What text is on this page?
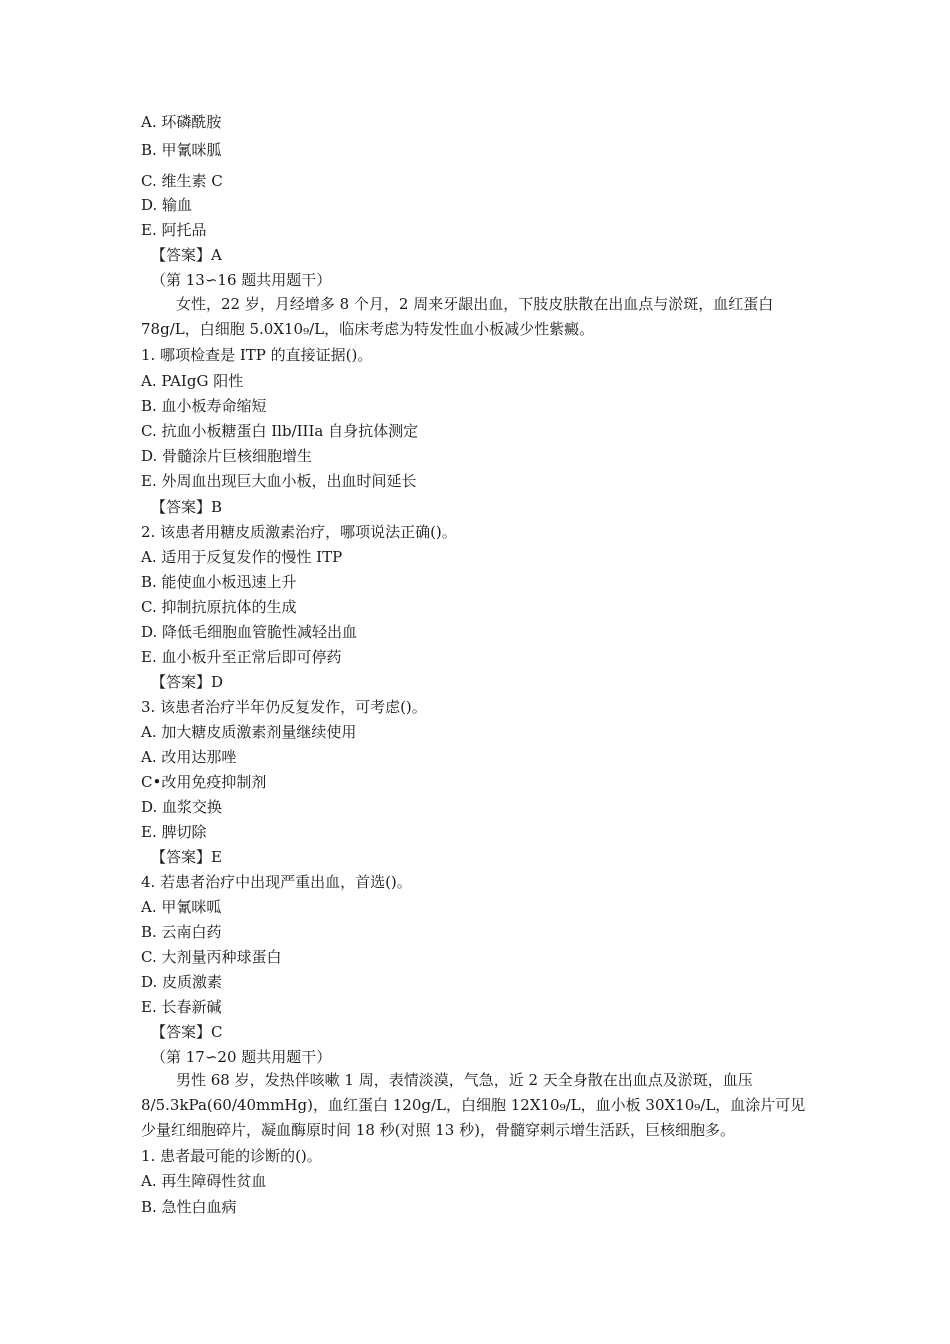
A. 环磷酰胺
B. 甲氰咪胍
C. 维生素 C
D. 输血
E. 阿托品
【答案】A
（第 13∽16 题共用题干）
女性，22 岁，月经增多 8 个月，2 周来牙龈出血，下肢皮肤散在出血点与淤斑，血红蛋白 78g/L，白细胞 5.0X10₉/L，临床考虑为特发性血小板减少性紫癜。
1. 哪项检查是 ITP 的直接证据()。
A. PAIgG 阳性
B. 血小板寿命缩短
C. 抗血小板糖蛋白 Ilb/IIIa 自身抗体测定
D. 骨髓涂片巨核细胞增生
E. 外周血出现巨大血小板，出血时间延长
【答案】B
2. 该患者用糖皮质激素治疗，哪项说法正确()。
A. 适用于反复发作的慢性 ITP
B. 能使血小板迅速上升
C. 抑制抗原抗体的生成
D. 降低毛细胞血管脆性减轻出血
E. 血小板升至正常后即可停药
【答案】D
3. 该患者治疗半年仍反复发作，可考虑()。
A. 加大糖皮质激素剂量继续使用
A. 改用达那唑
C•改用免疫抑制剂
D. 血浆交换
E. 脾切除
【答案】E
4. 若患者治疗中出现严重出血，首选()。
A. 甲氰咪呱
B. 云南白药
C. 大剂量丙种球蛋白
D. 皮质激素
E. 长春新碱
【答案】C
（第 17∽20 题共用题干）
男性 68 岁，发热伴咳嗽 1 周，表情淡漠，气急，近 2 天全身散在出血点及淤斑，血压 8/5.3kPa(60/40mmHg)，血红蛋白 120g/L，白细胞 12X10₉/L，血小板 30X10₉/L，血涂片可见少量红细胞碎片，凝血酶原时间 18 秒(对照 13 秒)，骨髓穿刺示增生活跃，巨核细胞多。
1. 患者最可能的诊断的()。
A. 再生障碍性贫血
B. 急性白血病
